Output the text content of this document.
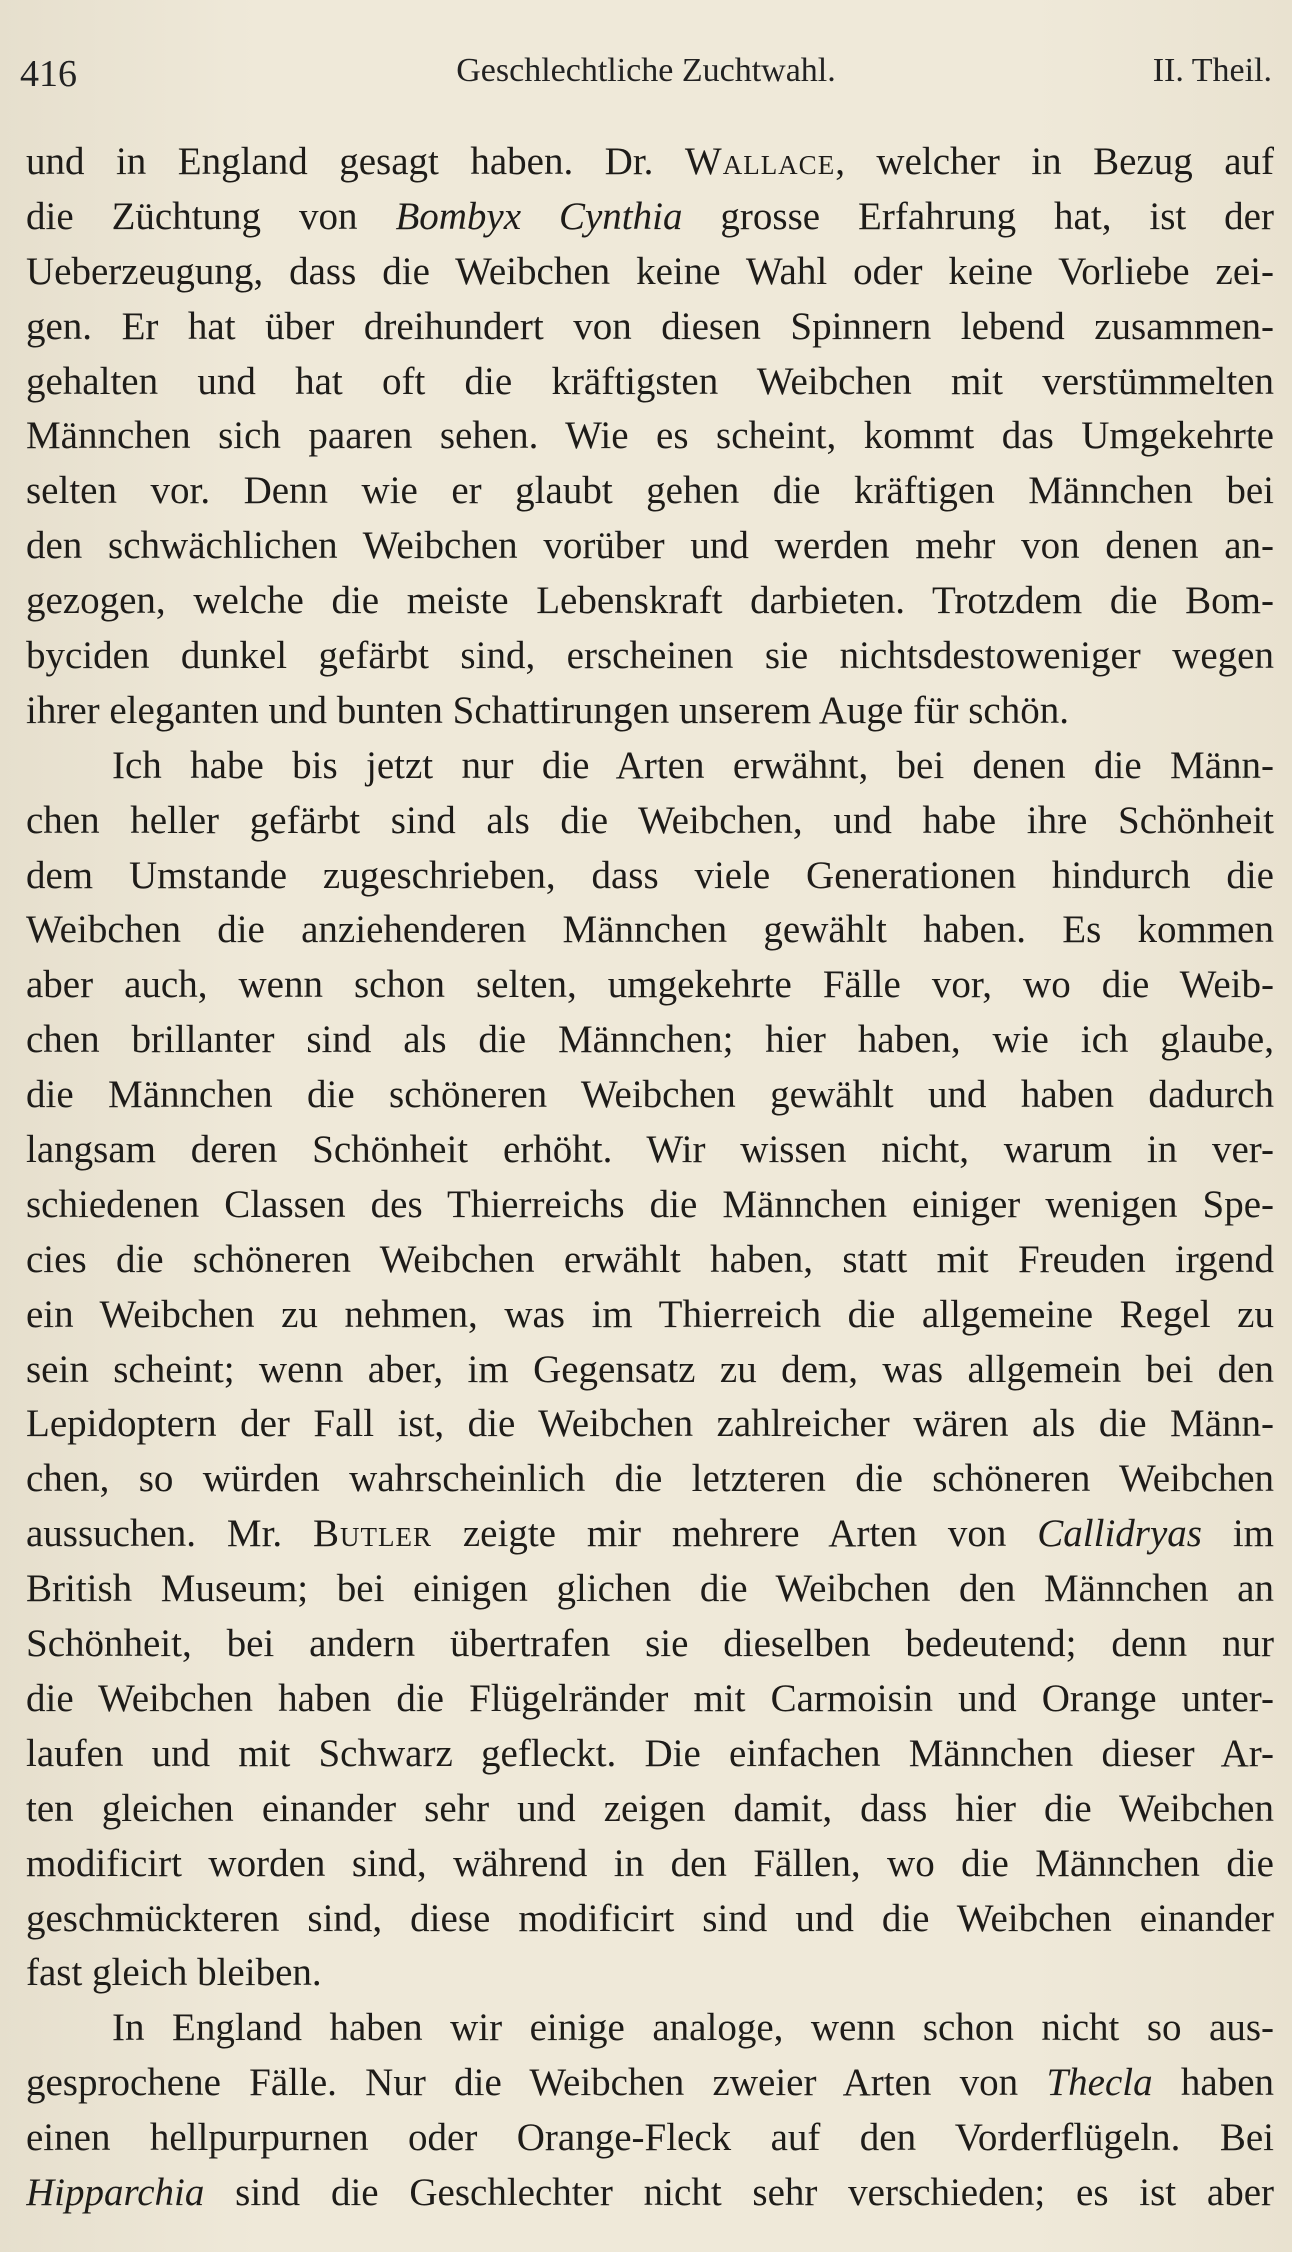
416	Geschlechtliche Zuchtwahl.	II. Theil.
und in England gesagt haben. Dr. Wallace, welcher in Bezug auf
die Züchtung von Bombyx Cynthia grosse Erfahrung hat, ist der
Ueberzeugung, dass die Weibchen keine Wahl oder keine Vorliebe zei-
gen. Er hat über dreihundert von diesen Spinnern lebend zusammen-
gehalten und hat oft die kräftigsten Weibchen mit verstümmelten
Männchen sich paaren sehen. Wie es scheint, kommt das Umgekehrte
selten vor. Denn wie er glaubt gehen die kräftigen Männchen bei
den schwächlichen Weibchen vorüber und werden mehr von denen an-
gezogen, welche die meiste Lebenskraft darbieten. Trotzdem die Bom-
byciden dunkel gefärbt sind, erscheinen sie nichtsdestoweniger wegen
ihrer eleganten und bunten Schattirungen unserem Auge für schön.
Ich habe bis jetzt nur die Arten erwähnt, bei denen die Männ-
chen heller gefärbt sind als die Weibchen, und habe ihre Schönheit
dem Umstande zugeschrieben, dass viele Generationen hindurch die
Weibchen die anziehenderen Männchen gewählt haben. Es kommen
aber auch, wenn schon selten, umgekehrte Fälle vor, wo die Weib-
chen brillanter sind als die Männchen; hier haben, wie ich glaube,
die Männchen die schöneren Weibchen gewählt und haben dadurch
langsam deren Schönheit erhöht. Wir wissen nicht, warum in ver-
schiedenen Classen des Thierreichs die Männchen einiger wenigen Spe-
cies die schöneren Weibchen erwählt haben, statt mit Freuden irgend
ein Weibchen zu nehmen, was im Thierreich die allgemeine Regel zu
sein scheint; wenn aber, im Gegensatz zu dem, was allgemein bei den
Lepidoptern der Fall ist, die Weibchen zahlreicher wären als die Männ-
chen, so würden wahrscheinlich die letzteren die schöneren Weibchen
aussuchen. Mr. Butler zeigte mir mehrere Arten von Callidryas im
British Museum; bei einigen glichen die Weibchen den Männchen an
Schönheit, bei andern übertrafen sie dieselben bedeutend; denn nur
die Weibchen haben die Flügelränder mit Carmoisin und Orange unter-
laufen und mit Schwarz gefleckt. Die einfachen Männchen dieser Ar-
ten gleichen einander sehr und zeigen damit, dass hier die Weibchen
modificirt worden sind, während in den Fällen, wo die Männchen die
geschmückteren sind, diese modificirt sind und die Weibchen einander
fast gleich bleiben.
In England haben wir einige analoge, wenn schon nicht so aus-
gesprochene Fälle. Nur die Weibchen zweier Arten von Thecla haben
einen hellpurpurnen oder Orange-Fleck auf den Vorderflügeln. Bei
Hipparchia sind die Geschlechter nicht sehr verschieden; es ist aber
